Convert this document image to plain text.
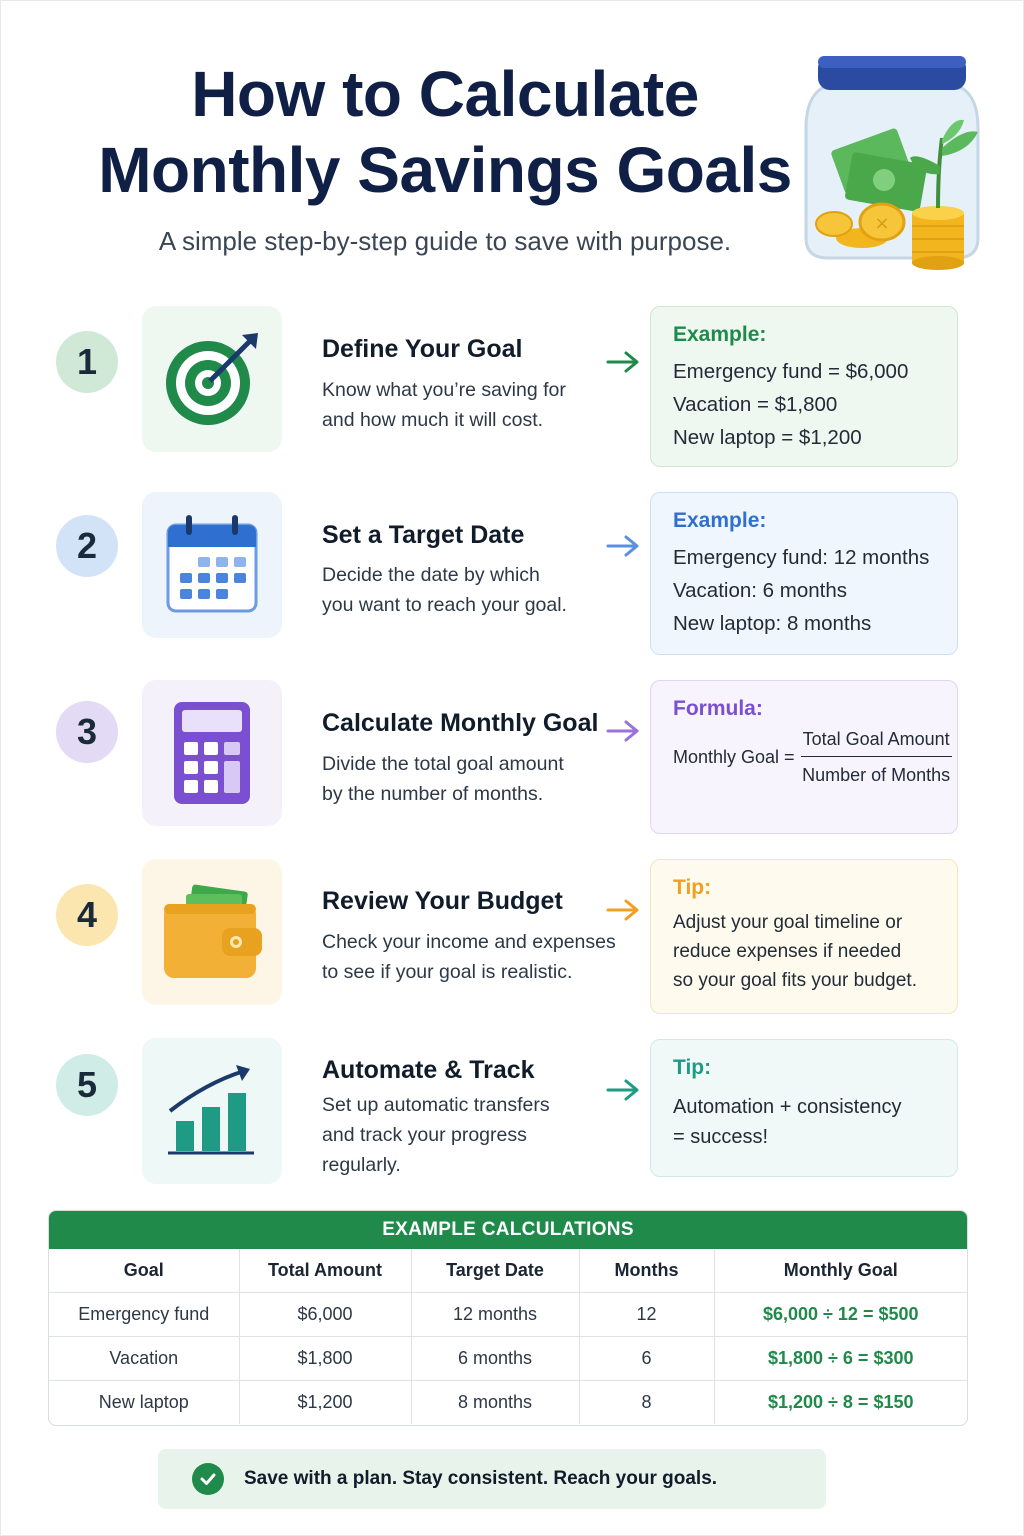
How to Calculate
Monthly Savings Goals
A simple step-by-step guide to save with purpose.
×
1	Define Your Goal
Know what you’re saving for
and how much it will cost.
Example:
Emergency fund = $6,000
Vacation = $1,800
New laptop = $1,200
2	Set a Target Date
Decide the date by which
you want to reach your goal.
Example:
Emergency fund: 12 months
Vacation: 6 months
New laptop: 8 months
3	Calculate Monthly Goal
Divide the total goal amount
by the number of months.
Formula:
Monthly Goal =
Total Goal Amount
Number of Months
4	Review Your Budget
Check your income and expenses
to see if your goal is realistic.
Tip:
Adjust your goal timeline or
reduce expenses if needed
so your goal fits your budget.
5	Automate & Track
Set up automatic transfers
and track your progress
regularly.
Tip:
Automation + consistency
= success!
EXAMPLE CALCULATIONS
Goal	Total Amount	Target Date	Months	Monthly Goal
Emergency fund	$6,000	12 months	12	$6,000 ÷ 12 = $500
Vacation	$1,800	6 months	6	$1,800 ÷ 6 = $300
New laptop	$1,200	8 months	8	$1,200 ÷ 8 = $150
Save with a plan. Stay consistent. Reach your goals.
